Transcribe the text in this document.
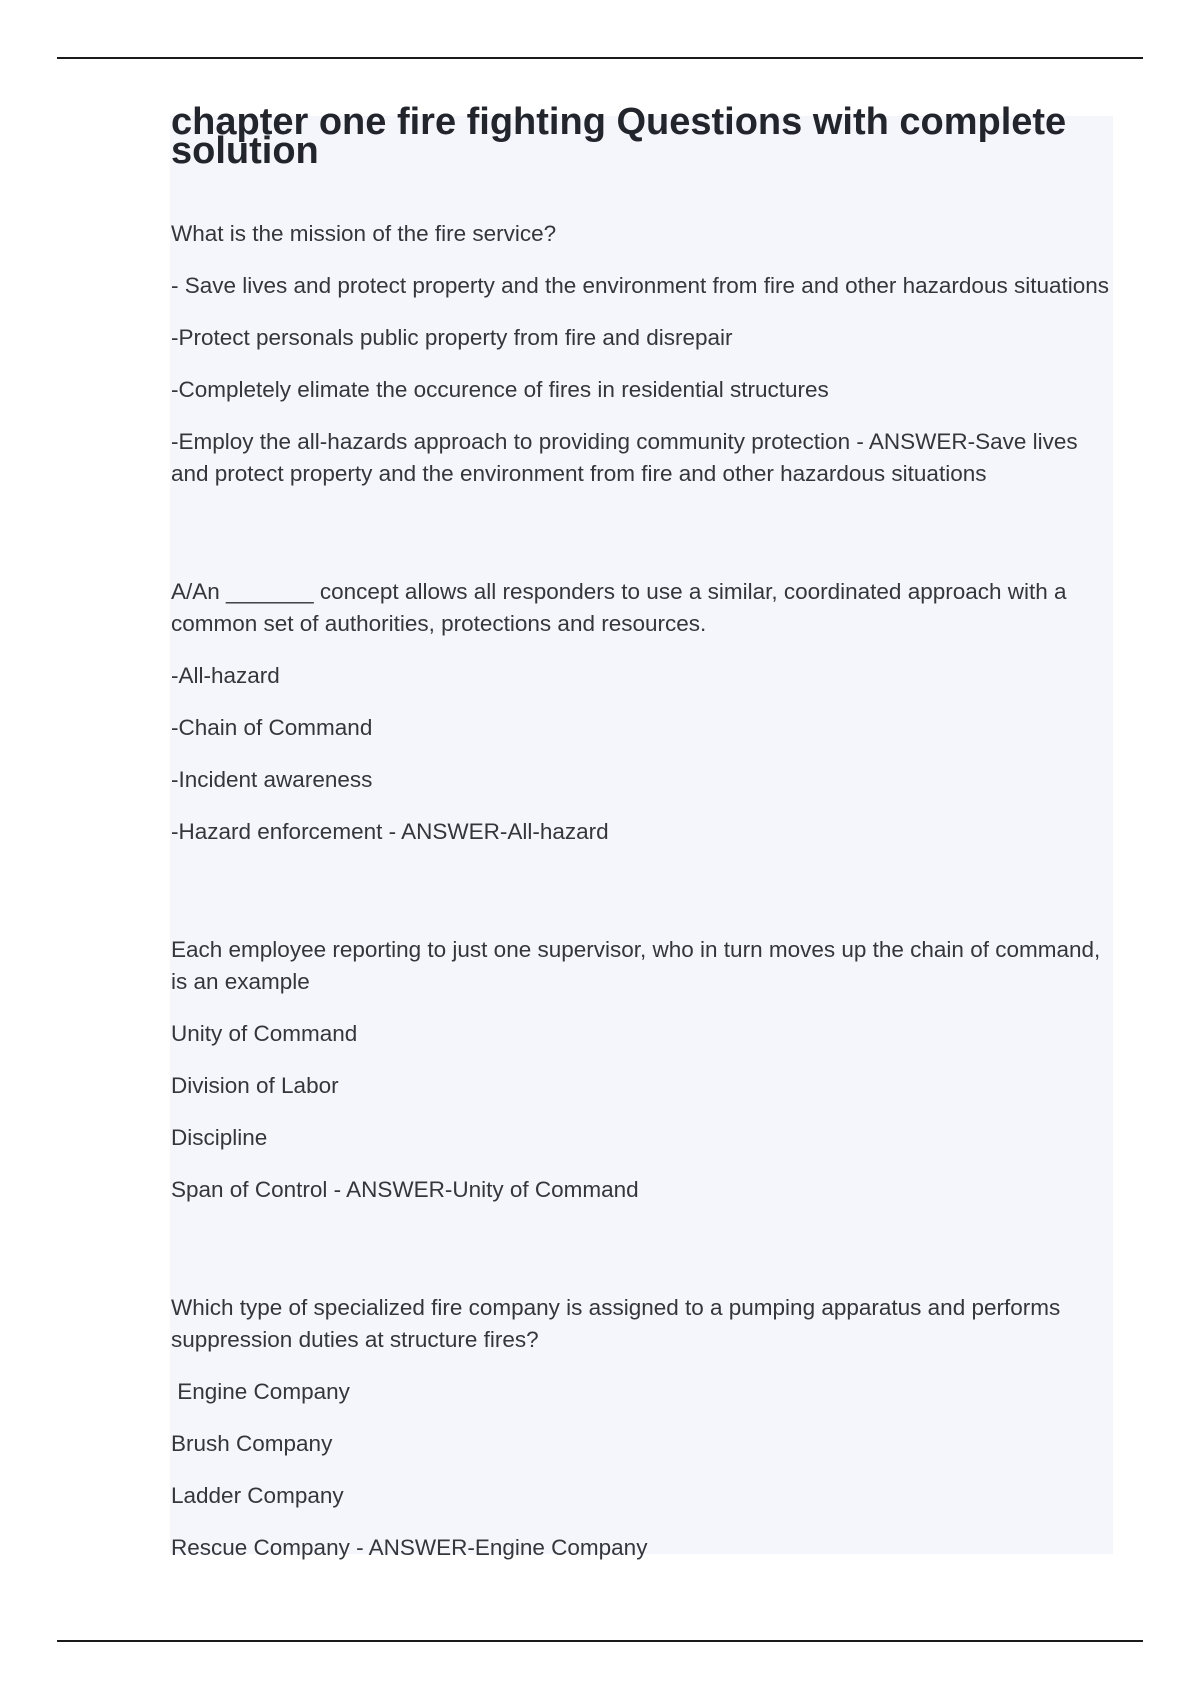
chapter one fire fighting Questions with complete solution

What is the mission of the fire service?

- Save lives and protect property and the environment from fire and other hazardous situations

-Protect personals public property from fire and disrepair

-Completely elimate the occurence of fires in residential structures

-Employ the all-hazards approach to providing community protection - ANSWER-Save lives and protect property and the environment from fire and other hazardous situations

A/An _______ concept allows all responders to use a similar, coordinated approach with a common set of authorities, protections and resources.

-All-hazard

-Chain of Command

-Incident awareness

-Hazard enforcement - ANSWER-All-hazard

Each employee reporting to just one supervisor, who in turn moves up the chain of command, is an example

Unity of Command

Division of Labor

Discipline

Span of Control - ANSWER-Unity of Command

Which type of specialized fire company is assigned to a pumping apparatus and performs suppression duties at structure fires?

Engine Company

Brush Company

Ladder Company

Rescue Company - ANSWER-Engine Company
